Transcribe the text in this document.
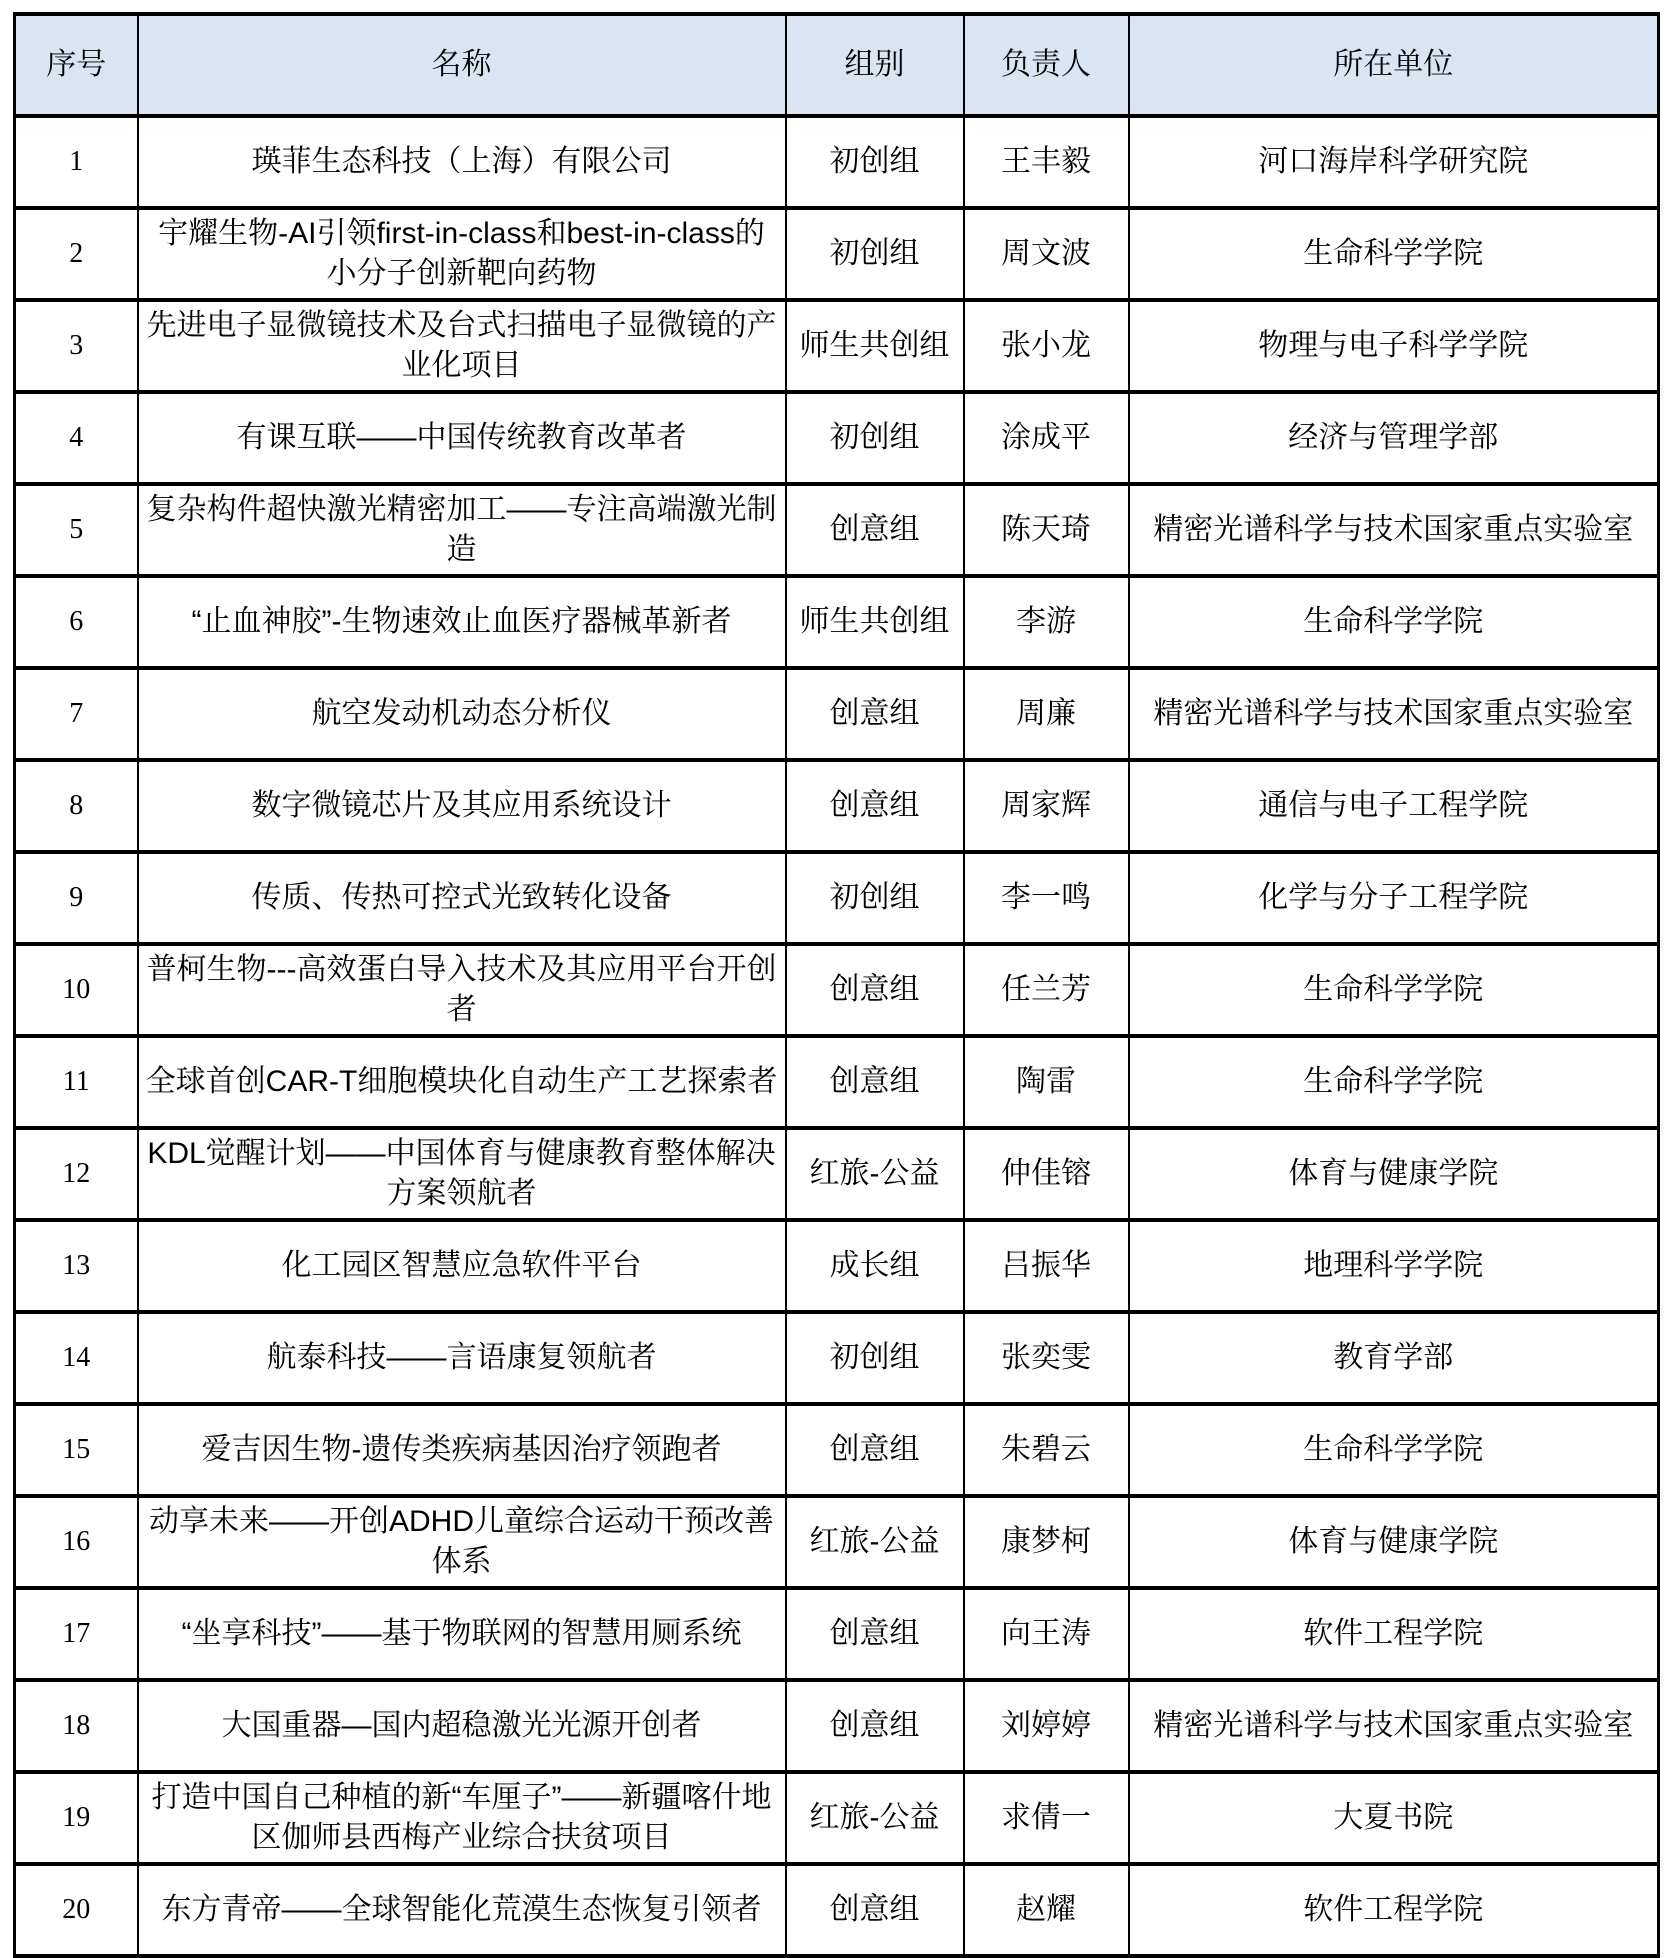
序号	名称	组别	负责人	所在单位
1	瑛菲生态科技（上海）有限公司	初创组	王丰毅	河口海岸科学研究院
2	宇耀生物-AI引领first-in-class和best-in-class的小分子创新靶向药物	初创组	周文波	生命科学学院
3	先进电子显微镜技术及台式扫描电子显微镜的产业化项目	师生共创组	张小龙	物理与电子科学学院
4	有课互联——中国传统教育改革者	初创组	涂成平	经济与管理学部
5	复杂构件超快激光精密加工——专注高端激光制造	创意组	陈天琦	精密光谱科学与技术国家重点实验室
6	“止血神胶”-生物速效止血医疗器械革新者	师生共创组	李游	生命科学学院
7	航空发动机动态分析仪	创意组	周廉	精密光谱科学与技术国家重点实验室
8	数字微镜芯片及其应用系统设计	创意组	周家辉	通信与电子工程学院
9	传质、传热可控式光致转化设备	初创组	李一鸣	化学与分子工程学院
10	普柯生物---高效蛋白导入技术及其应用平台开创者	创意组	任兰芳	生命科学学院
11	全球首创CAR-T细胞模块化自动生产工艺探索者	创意组	陶雷	生命科学学院
12	KDL觉醒计划——中国体育与健康教育整体解决方案领航者	红旅-公益	仲佳镕	体育与健康学院
13	化工园区智慧应急软件平台	成长组	吕振华	地理科学学院
14	航泰科技——言语康复领航者	初创组	张奕雯	教育学部
15	爱吉因生物-遗传类疾病基因治疗领跑者	创意组	朱碧云	生命科学学院
16	动享未来——开创ADHD儿童综合运动干预改善体系	红旅-公益	康梦柯	体育与健康学院
17	“坐享科技”——基于物联网的智慧用厕系统	创意组	向王涛	软件工程学院
18	大国重器—国内超稳激光光源开创者	创意组	刘婷婷	精密光谱科学与技术国家重点实验室
19	打造中国自己种植的新“车厘子”——新疆喀什地区伽师县西梅产业综合扶贫项目	红旅-公益	求倩一	大夏书院
20	东方青帝——全球智能化荒漠生态恢复引领者	创意组	赵耀	软件工程学院
